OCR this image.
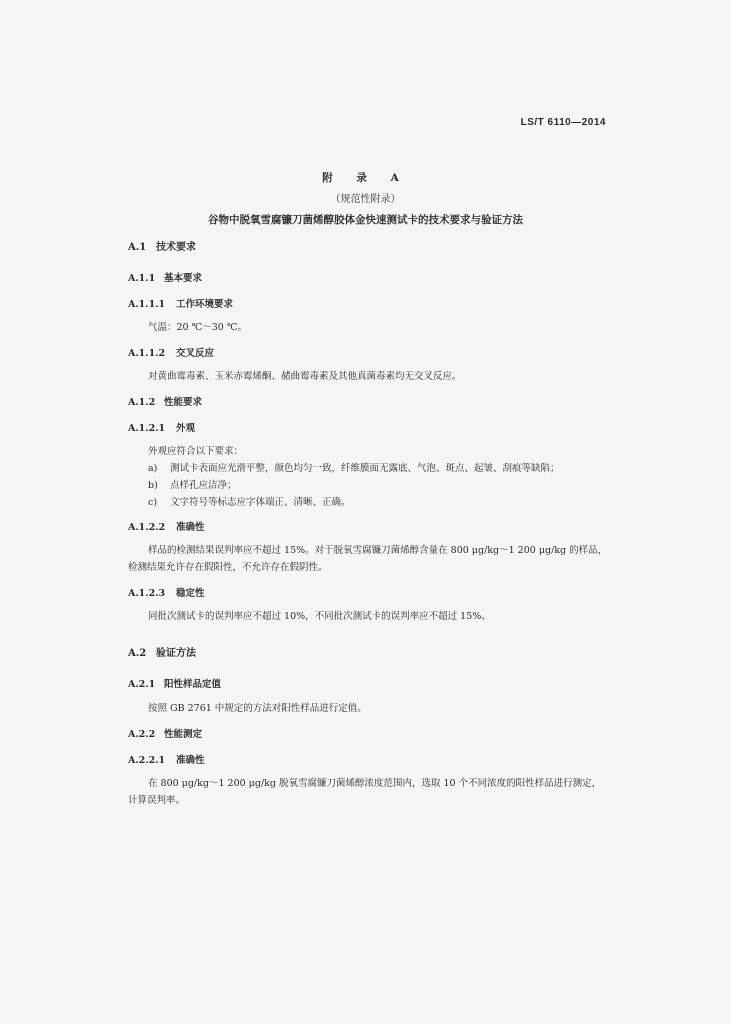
LS/T 6110—2014
附 录 A
（规范性附录）
谷物中脱氧雪腐镰刀菌烯醇胶体金快速测试卡的技术要求与验证方法
A.1 技术要求
A.1.1 基本要求
A.1.1.1 工作环境要求
气温：20 ℃～30 ℃。
A.1.1.2 交叉反应
对黄曲霉毒素、玉米赤霉烯酮、赭曲霉毒素及其他真菌毒素均无交叉反应。
A.1.2 性能要求
A.1.2.1 外观
外观应符合以下要求：
a) 测试卡表面应光滑平整，颜色均匀一致，纤维膜面无露底、气泡、斑点、起皱、刮痕等缺陷；
b) 点样孔应洁净；
c) 文字符号等标志应字体端正、清晰、正确。
A.1.2.2 准确性
样品的检测结果误判率应不超过 15%。对于脱氧雪腐镰刀菌烯醇含量在 800 μg/kg～1 200 μg/kg 的样品，检测结果允许存在假阳性，不允许存在假阴性。
A.1.2.3 稳定性
同批次测试卡的误判率应不超过 10%，不同批次测试卡的误判率应不超过 15%。
A.2 验证方法
A.2.1 阳性样品定值
按照 GB 2761 中规定的方法对阳性样品进行定值。
A.2.2 性能测定
A.2.2.1 准确性
在 800 μg/kg～1 200 μg/kg 脱氧雪腐镰刀菌烯醇浓度范围内，选取 10 个不同浓度的阳性样品进行测定，计算误判率。
